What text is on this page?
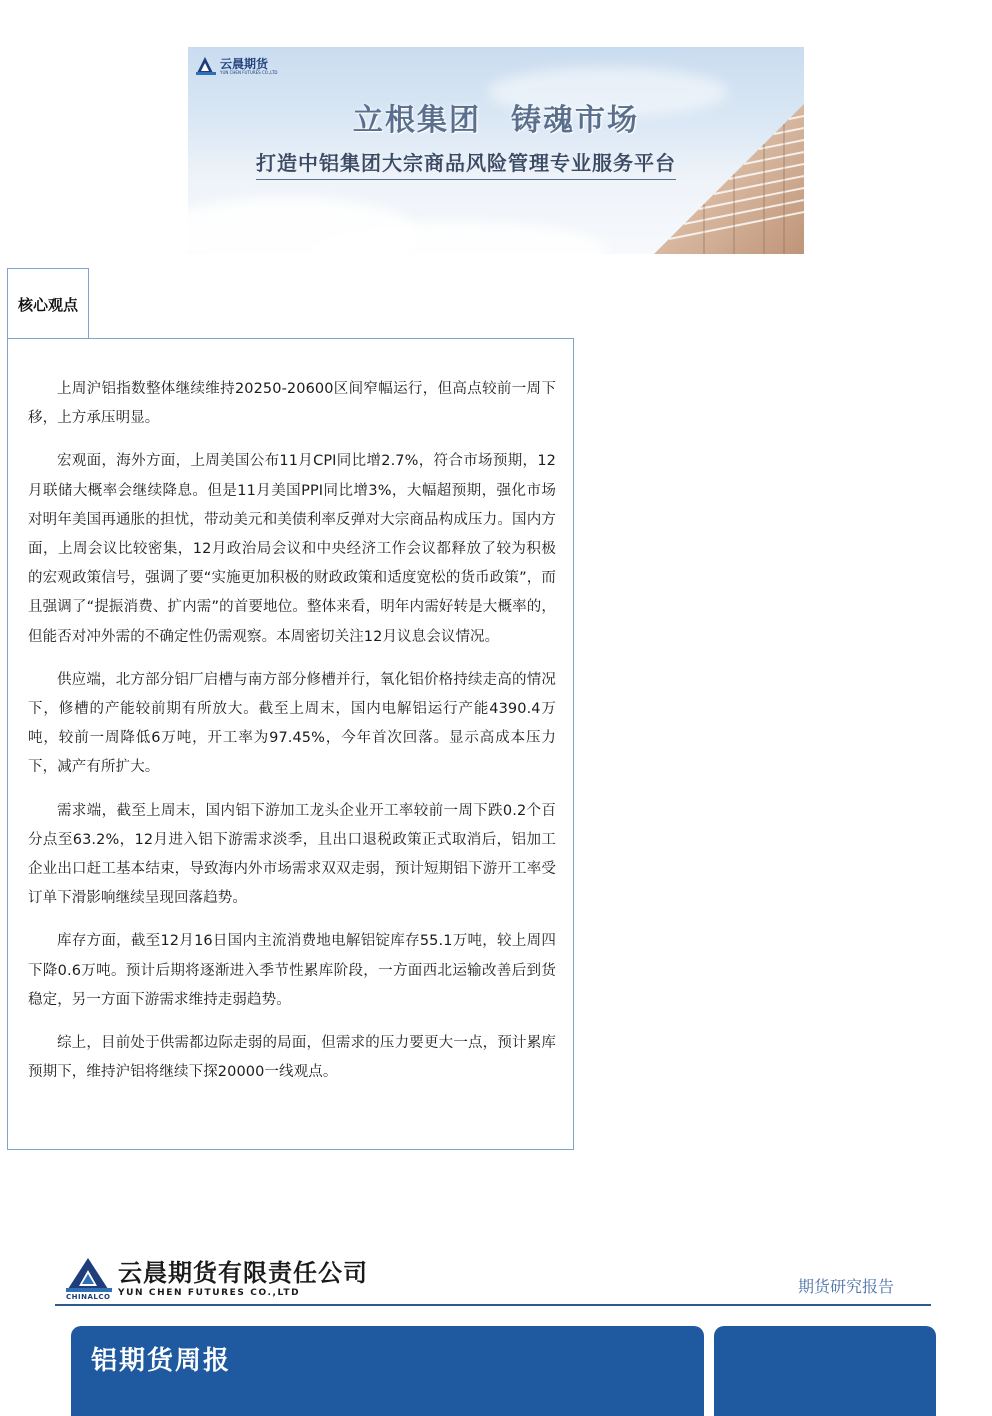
云晨期货
YUN CHEN FUTURES CO.,LTD
立根集团 铸魂市场
打造中铝集团大宗商品风险管理专业服务平台
核心观点

上周沪铝指数整体继续维持20250-20600区间窄幅运行，但高点较前一周下移，上方承压明显。

宏观面，海外方面，上周美国公布11月CPI同比增2.7%，符合市场预期，12月联储大概率会继续降息。但是11月美国PPI同比增3%，大幅超预期，强化市场对明年美国再通胀的担忧，带动美元和美债利率反弹对大宗商品构成压力。国内方面，上周会议比较密集，12月政治局会议和中央经济工作会议都释放了较为积极的宏观政策信号，强调了要“实施更加积极的财政政策和适度宽松的货币政策”，而且强调了“提振消费、扩内需”的首要地位。整体来看，明年内需好转是大概率的，但能否对冲外需的不确定性仍需观察。本周密切关注12月议息会议情况。

供应端，北方部分铝厂启槽与南方部分修槽并行，氧化铝价格持续走高的情况下，修槽的产能较前期有所放大。截至上周末，国内电解铝运行产能4390.4万吨，较前一周降低6万吨，开工率为97.45%，今年首次回落。显示高成本压力下，减产有所扩大。

需求端，截至上周末，国内铝下游加工龙头企业开工率较前一周下跌0.2个百分点至63.2%，12月进入铝下游需求淡季，且出口退税政策正式取消后，铝加工企业出口赶工基本结束，导致海内外市场需求双双走弱，预计短期铝下游开工率受订单下滑影响继续呈现回落趋势。

库存方面，截至12月16日国内主流消费地电解铝锭库存55.1万吨，较上周四下降0.6万吨。预计后期将逐渐进入季节性累库阶段，一方面西北运输改善后到货稳定，另一方面下游需求维持走弱趋势。

综上，目前处于供需都边际走弱的局面，但需求的压力要更大一点，预计累库预期下，维持沪铝将继续下探20000一线观点。

CHINALCO
云晨期货有限责任公司
YUN CHEN FUTURES CO.,LTD	期货研究报告
铝期货周报
